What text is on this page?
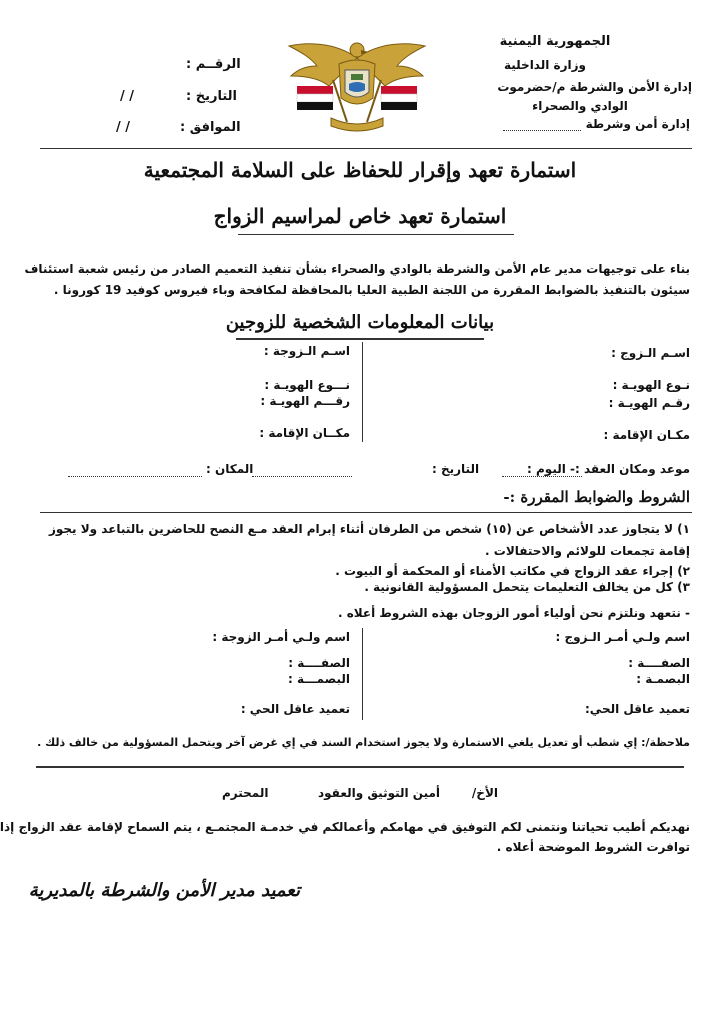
الجمهورية اليمنية
وزارة الداخلية
إدارة الأمن والشرطة م/حضرموت
الوادي والصحراء
إدارة أمن وشرطة
الرقــم :
التاريخ :
/ /
الموافق :
/ /
استمارة تعهد وإقرار للحفاظ على السلامة المجتمعية
استمارة تعهد خاص لمراسيم الزواج
بناء على توجيهات مدير عام الأمن والشرطة بالوادي والصحراء بشأن تنفيذ التعميم الصادر من رئيس شعبة استئناف
سيئون بالتنفيذ بالضوابط المقررة من اللجنة الطبية العليا بالمحافظة لمكافحة وباء فيروس كوفيد 19 كورونا .
بيانات المعلومات الشخصية للزوجين
اسـم الـزوج :
اسـم الـزوجة :
نـوع الهويـة :
رقـم الهويـة :
نـــوع الهويـة :
رقـــم الهويـة :
مكـان الإقامة :
مكــان الإقامة :
موعد ومكان العقد :- اليوم :
التاريخ :
المكان :
الشروط والضوابط المقررة :-
١) لا يتجاوز عدد الأشخاص عن (١٥) شخص من الطرفان أثناء إبرام العقد مـع النصح للحاضرين بالتباعد ولا يجوز
إقامة تجمعات للولائم والاحتفالات .
٢) إجراء عقد الزواج في مكاتب الأمناء أو المحكمة أو البيوت .
٣) كل من يخالف التعليمات يتحمل المسؤولية القانونية .
- نتعهد ونلتزم نحن أولياء أمور الزوجان بهذه الشروط أعلاه .
اسم ولـي أمـر الـزوج :
اسم ولـي أمـر الزوجة :
الصفــــة :
البصمـة :
الصفــــة :
البصمـــة :
تعميد عاقل الحي:
تعميد عاقل الحي :
ملاحظة/: إي شطب أو تعديل يلغي الاستمارة ولا يجوز استخدام السند في إي غرض آخر ويتحمل المسؤولية من خالف ذلك .
الأخ/
أمين التوثيق والعقود
المحترم
نهديكم أطيب تحياتنا ونتمنى لكم التوفيق في مهامكم وأعمالكم في خدمـة المجتمـع ، يتم السماح لإقامة عقد الزواج إذا
توافرت الشروط الموضحة أعلاه .
تعميد مدير الأمن والشرطة بالمديرية
